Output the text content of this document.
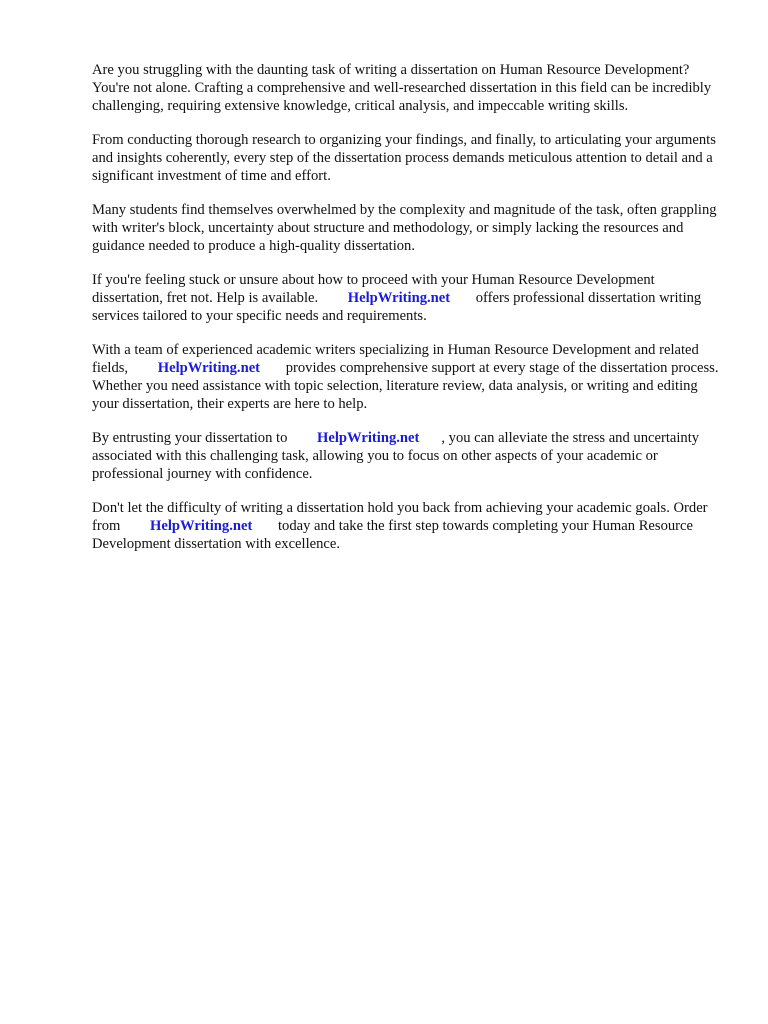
Are you struggling with the daunting task of writing a dissertation on Human Resource Development? You're not alone. Crafting a comprehensive and well-researched dissertation in this field can be incredibly challenging, requiring extensive knowledge, critical analysis, and impeccable writing skills.

From conducting thorough research to organizing your findings, and finally, to articulating your arguments and insights coherently, every step of the dissertation process demands meticulous attention to detail and a significant investment of time and effort.

Many students find themselves overwhelmed by the complexity and magnitude of the task, often grappling with writer's block, uncertainty about structure and methodology, or simply lacking the resources and guidance needed to produce a high-quality dissertation.

If you're feeling stuck or unsure about how to proceed with your Human Resource Development dissertation, fret not. Help is available. HelpWriting.net offers professional dissertation writing services tailored to your specific needs and requirements.

With a team of experienced academic writers specializing in Human Resource Development and related fields, HelpWriting.net provides comprehensive support at every stage of the dissertation process. Whether you need assistance with topic selection, literature review, data analysis, or writing and editing your dissertation, their experts are here to help.

By entrusting your dissertation to HelpWriting.net , you can alleviate the stress and uncertainty associated with this challenging task, allowing you to focus on other aspects of your academic or professional journey with confidence.

Don't let the difficulty of writing a dissertation hold you back from achieving your academic goals. Order from HelpWriting.net today and take the first step towards completing your Human Resource Development dissertation with excellence.
